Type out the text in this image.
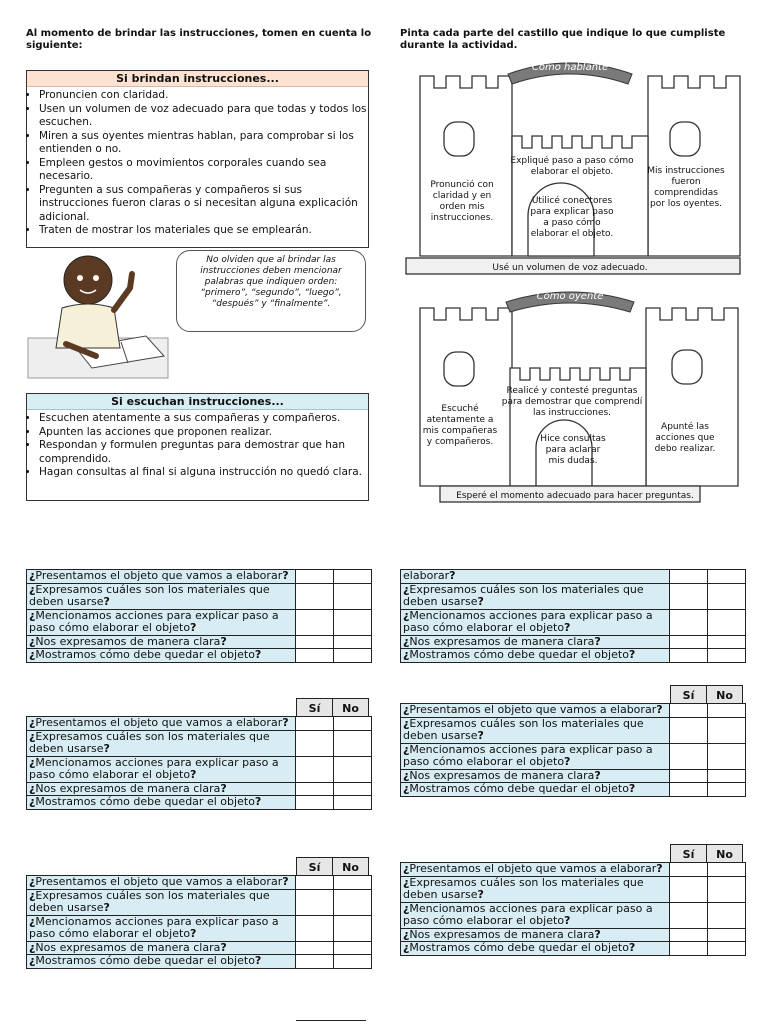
Al momento de brindar las instrucciones, tomen en cuenta lo siguiente:
Pinta cada parte del castillo que indique lo que cumpliste durante la actividad.
Si brindan instrucciones...
• Pronuncien con claridad.
• Usen un volumen de voz adecuado para que todas y todos los escuchen.
• Miren a sus oyentes mientras hablan, para comprobar si los entienden o no.
• Empleen gestos o movimientos corporales cuando sea necesario.
• Pregunten a sus compañeras y compañeros si sus instrucciones fueron claras o si necesitan alguna explicación adicional.
• Traten de mostrar los materiales que se emplearán.
No olviden que al brindar las instrucciones deben mencionar palabras que indiquen orden: “primero”, “segundo”, “luego”, “después” y “finalmente”.
Si escuchan instrucciones...
• Escuchen atentamente a sus compañeras y compañeros.
• Apunten las acciones que proponen realizar.
• Respondan y formulen preguntas para demostrar que han comprendido.
• Hagan consultas al final si alguna instrucción no quedó clara.
Como hablante
Pronunció con claridad y en orden mis instrucciones.
Expliqué paso a paso cómo elaborar el objeto.
Utilicé conectores para explicar paso a paso cómo elaborar el objeto.
Mis instrucciones fueron comprendidas por los oyentes.
Usé un volumen de voz adecuado.
Como oyente
Escuché atentamente a mis compañeras y compañeros.
Realicé y contesté preguntas para demostrar que comprendí las instrucciones.
Hice consultas para aclarar mis dudas.
Apunté las acciones que debo realizar.
Esperé el momento adecuado para hacer preguntas.
¿Presentamos el objeto que vamos a elaborar?		
¿Expresamos cuáles son los materiales que deben usarse?		
¿Mencionamos acciones para explicar paso a paso cómo elaborar el objeto?		
¿Nos expresamos de manera clara?		
¿Mostramos cómo debe quedar el objeto?		
Sí	No
¿Presentamos el objeto que vamos a elaborar?		
¿Expresamos cuáles son los materiales que deben usarse?		
¿Mencionamos acciones para explicar paso a paso cómo elaborar el objeto?		
¿Nos expresamos de manera clara?		
¿Mostramos cómo debe quedar el objeto?		
Sí	No
¿Presentamos el objeto que vamos a elaborar?		
¿Expresamos cuáles son los materiales que deben usarse?		
¿Mencionamos acciones para explicar paso a paso cómo elaborar el objeto?		
¿Nos expresamos de manera clara?		
¿Mostramos cómo debe quedar el objeto?		
elaborar?		
¿Expresamos cuáles son los materiales que deben usarse?		
¿Mencionamos acciones para explicar paso a paso cómo elaborar el objeto?		
¿Nos expresamos de manera clara?		
¿Mostramos cómo debe quedar el objeto?		
Sí	No
¿Presentamos el objeto que vamos a elaborar?		
¿Expresamos cuáles son los materiales que deben usarse?		
¿Mencionamos acciones para explicar paso a paso cómo elaborar el objeto?		
¿Nos expresamos de manera clara?		
¿Mostramos cómo debe quedar el objeto?		
Sí	No
¿Presentamos el objeto que vamos a elaborar?		
¿Expresamos cuáles son los materiales que deben usarse?		
¿Mencionamos acciones para explicar paso a paso cómo elaborar el objeto?		
¿Nos expresamos de manera clara?		
¿Mostramos cómo debe quedar el objeto?		
